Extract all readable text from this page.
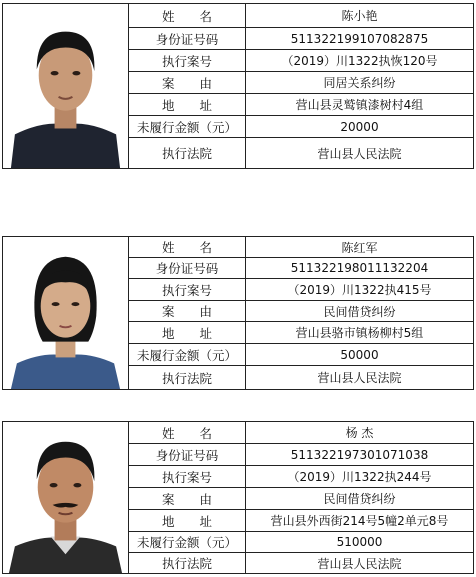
姓　　名	陈小艳
身份证号码	511322199107082875
执行案号	（2019）川1322执恢120号
案　　由	同居关系纠纷
地　　址	营山县灵鹫镇漆树村4组
未履行金额（元）	20000
执行法院	营山县人民法院
姓　　名	陈红军
身份证号码	511322198011132204
执行案号	（2019）川1322执415号
案　　由	民间借贷纠纷
地　　址	营山县骆市镇杨柳村5组
未履行金额（元）	50000
执行法院	营山县人民法院
姓　　名	杨 杰
身份证号码	511322197301071038
执行案号	（2019）川1322执244号
案　　由	民间借贷纠纷
地　　址	营山县外西街214号5幢2单元8号
未履行金额（元）	510000
执行法院	营山县人民法院
